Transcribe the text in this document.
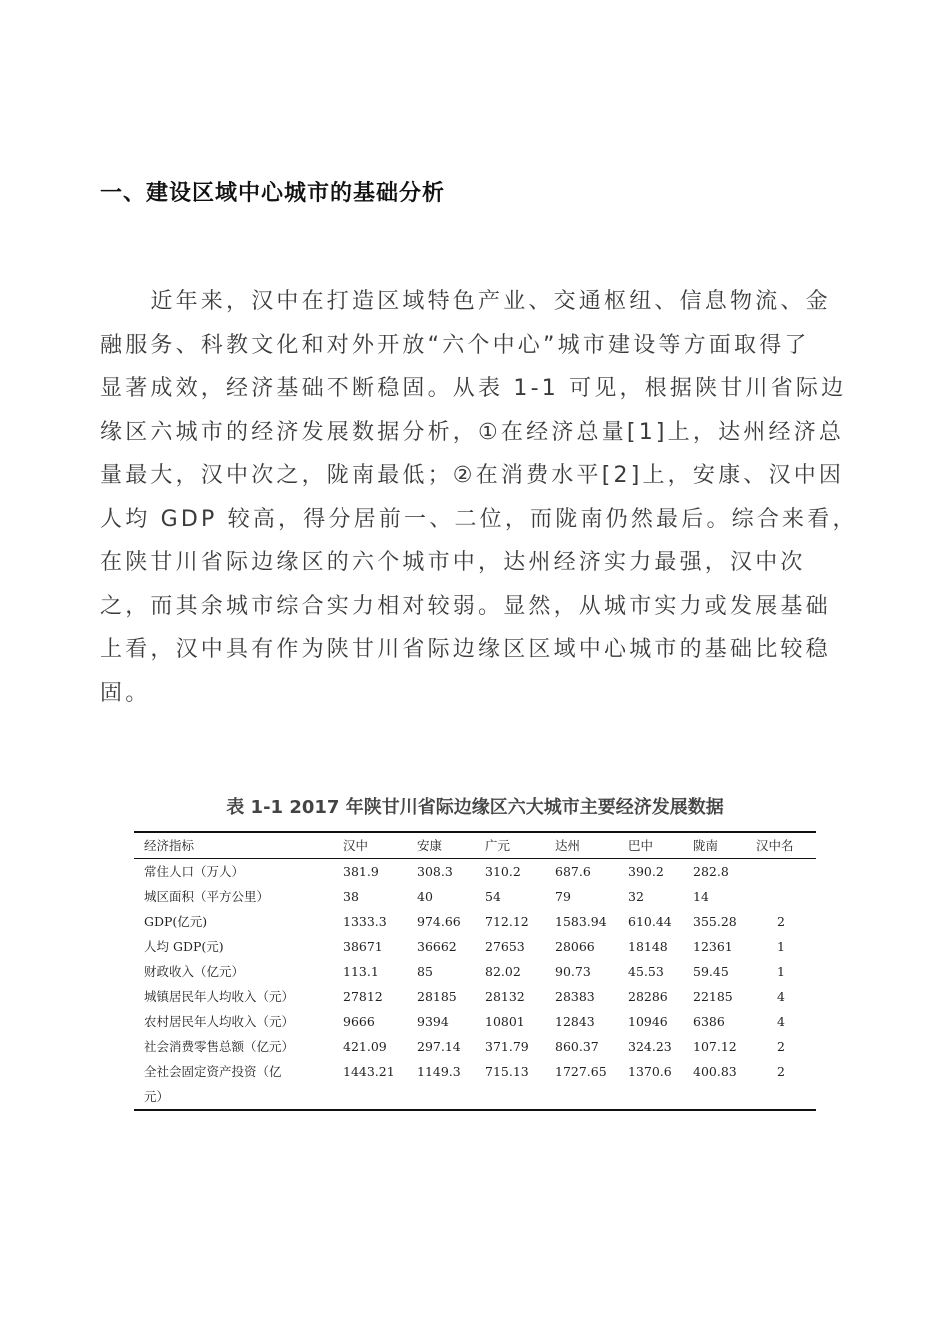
一、建设区域中心城市的基础分析

　　近年来，汉中在打造区域特色产业、交通枢纽、信息物流、金
融服务、科教文化和对外开放“六个中心”城市建设等方面取得了
显著成效，经济基础不断稳固。从表 1-1 可见，根据陕甘川省际边
缘区六城市的经济发展数据分析，①在经济总量[1]上，达州经济总
量最大，汉中次之，陇南最低；②在消费水平[2]上，安康、汉中因
人均 GDP 较高，得分居前一、二位，而陇南仍然最后。综合来看，
在陕甘川省际边缘区的六个城市中，达州经济实力最强，汉中次
之，而其余城市综合实力相对较弱。显然，从城市实力或发展基础
上看，汉中具有作为陕甘川省际边缘区区域中心城市的基础比较稳
固。

表 1-1 2017 年陕甘川省际边缘区六大城市主要经济发展数据

经济指标	汉中	安康	广元	达州	巴中	陇南	汉中名
常住人口（万人）	381.9	308.3	310.2	687.6	390.2	282.8	
城区面积（平方公里）	38	40	54	79	32	14	
GDP(亿元)	1333.3	974.66	712.12	1583.94	610.44	355.28	2
人均 GDP(元)	38671	36662	27653	28066	18148	12361	1
财政收入（亿元）	113.1	85	82.02	90.73	45.53	59.45	1
城镇居民年人均收入（元）	27812	28185	28132	28383	28286	22185	4
农村居民年人均收入（元）	9666	9394	10801	12843	10946	6386	4
社会消费零售总额（亿元）	421.09	297.14	371.79	860.37	324.23	107.12	2
全社会固定资产投资（亿元）	1443.21	1149.3	715.13	1727.65	1370.6	400.83	2
